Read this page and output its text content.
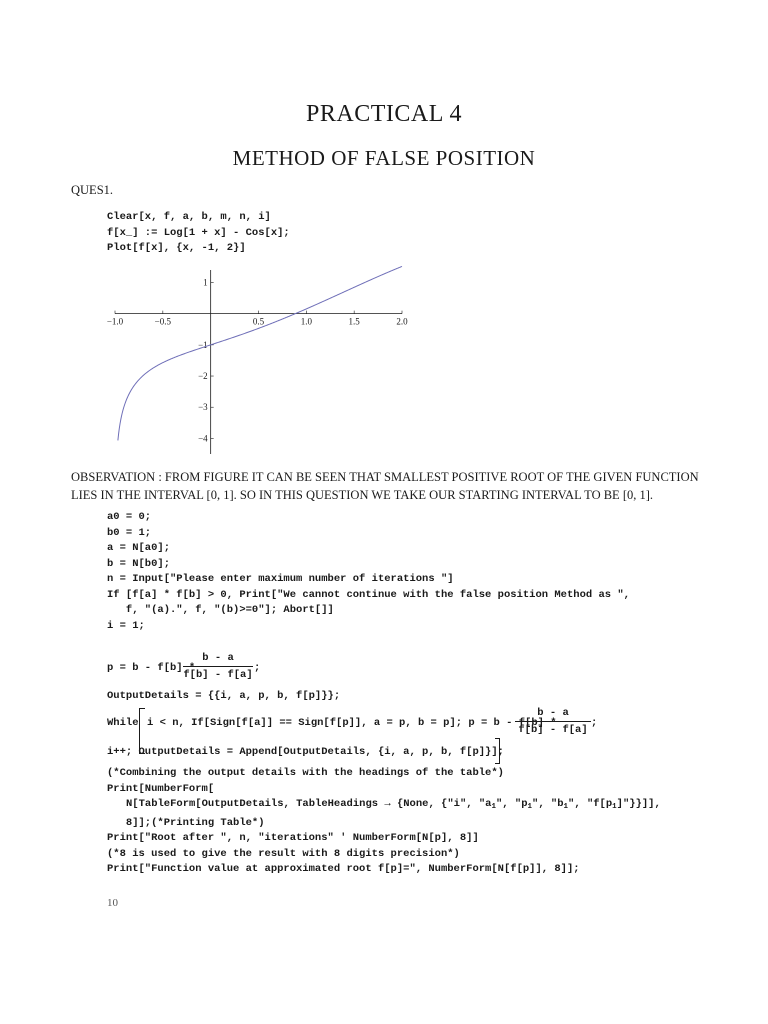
PRACTICAL 4
METHOD OF FALSE POSITION
QUES1.
Clear[x, f, a, b, m, n, i]
f[x_] := Log[1 + x] - Cos[x];
Plot[f[x], {x, -1, 2}]
−1.0	−0.5	0.5	1.0	1.5	2.0
1
−1
−2
−3
−4
OBSERVATION : FROM FIGURE IT CAN BE SEEN THAT SMALLEST POSITIVE ROOT OF THE GIVEN FUNCTION
LIES IN THE INTERVAL [0, 1]. SO IN THIS QUESTION WE TAKE OUR STARTING INTERVAL TO BE [0, 1].
a0 = 0;
b0 = 1;
a = N[a0];
b = N[b0];
n = Input["Please enter maximum number of iterations "]
If [f[a] * f[b] > 0, Print["We cannot continue with the false position Method as ",
f, "(a).", f, "(b)>=0"]; Abort[]]
i = 1;
p = b - f[b] *
b - a
f[b] - f[a]
;
OutputDetails = {{i, a, p, b, f[p]}};
While i < n, If[Sign[f[a]] == Sign[f[p]], a = p, b = p]; p = b - f[b] *
b - a
f[b] - f[a]
;
i++; OutputDetails = Append[OutputDetails, {i, a, p, b, f[p]}];
(*Combining the output details with the headings of the table*)
Print[NumberForm[
N[TableForm[OutputDetails, TableHeadings → {None, {"i", "$a_1$", "$p_1$", "$b_1$", "$f[p_1]$"}}]],
8]];(*Printing Table*)
Print["Root after ", n, "iterations" ' NumberForm[N[p], 8]]
(*8 is used to give the result with 8 digits precision*)
Print["Function value at approximated root f[p]=", NumberForm[N[f[p]], 8]];
10
